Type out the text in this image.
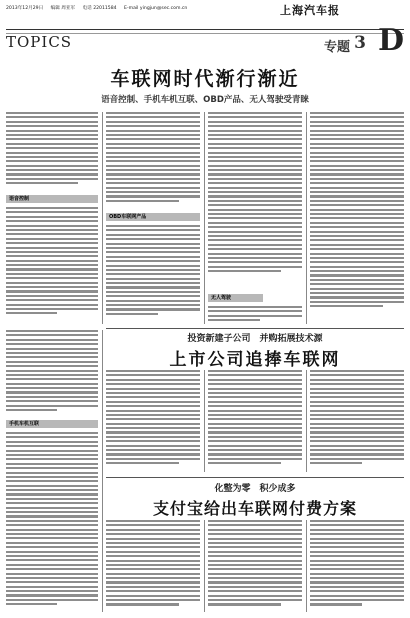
2013年12月29日 编辑 周亚军 电话 22011584 E-mail yingjun@sec.com.cn	上海汽车报
TOPICS	专题 3 D
车联网时代渐行渐近
语音控制、手机车机互联、OBD产品、无人驾驶受青睐
语音控制
OBD车联网产品
无人驾驶
手机车机互联
投资新建子公司　并购拓展技术源
上市公司追捧车联网
化整为零　积少成多
支付宝给出车联网付费方案
